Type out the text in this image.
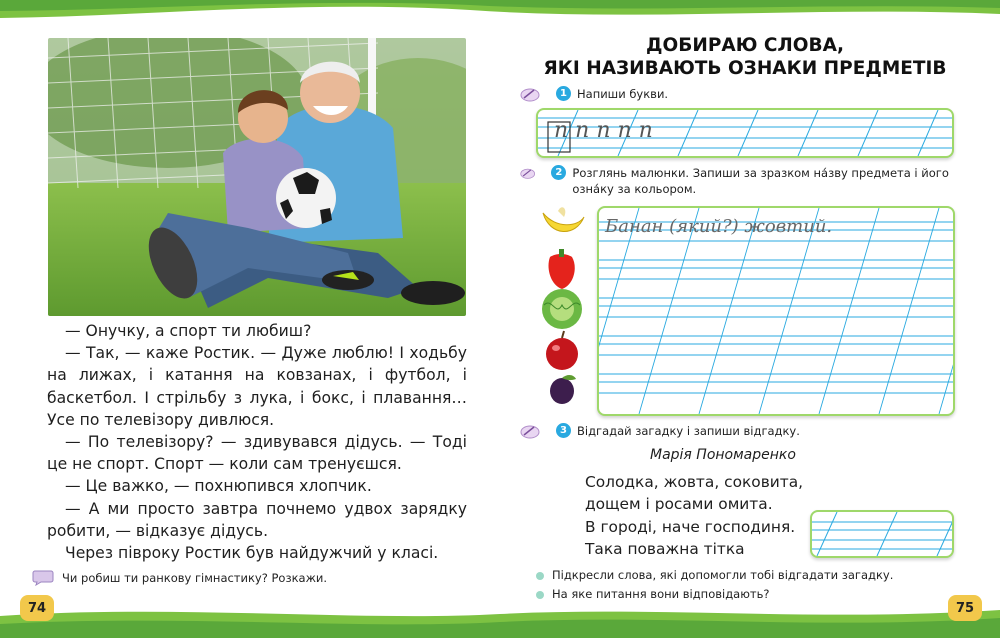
— Онучку, а спорт ти любиш?

— Так, — каже Ростик. — Дуже люблю! І ходьбу на лижах, і катання на ковзанах, і футбол, і баскетбол. І стрільбу з лука, і бокс, і плавання… Усе по телевізору дивлюся.

— По телевізору? — здивувався дідусь. — Тоді це не спорт. Спорт — коли сам тренуєшся.

— Це важко, — похнюпився хлопчик.

— А ми просто завтра почнемо удвох зарядку робити, — відказує дідусь.

Через півроку Ростик був найдужчий у класі.

Чи робиш ти ранкову гімнастику? Розкажи.
74	75
ДОБИРАЮ СЛОВА,
ЯКІ НАЗИВАЮТЬ ОЗНАКИ ПРЕДМЕТІВ
1 Напиши букви.
п п п п п
2 Розглянь малюнки. Запиши за зразком на́зву предмета і його озна́ку за кольором.
Банан (який?) жовтий.
3 Відгадай загадку і запиши відгадку.
Марія Пономаренко
Солодка, жовта, соковита,
дощем і росами омита.
В городі, наче господиня.
Така поважна тітка
Підкресли слова, які допомогли тобі відгадати загадку.
На яке питання вони відповідають?
